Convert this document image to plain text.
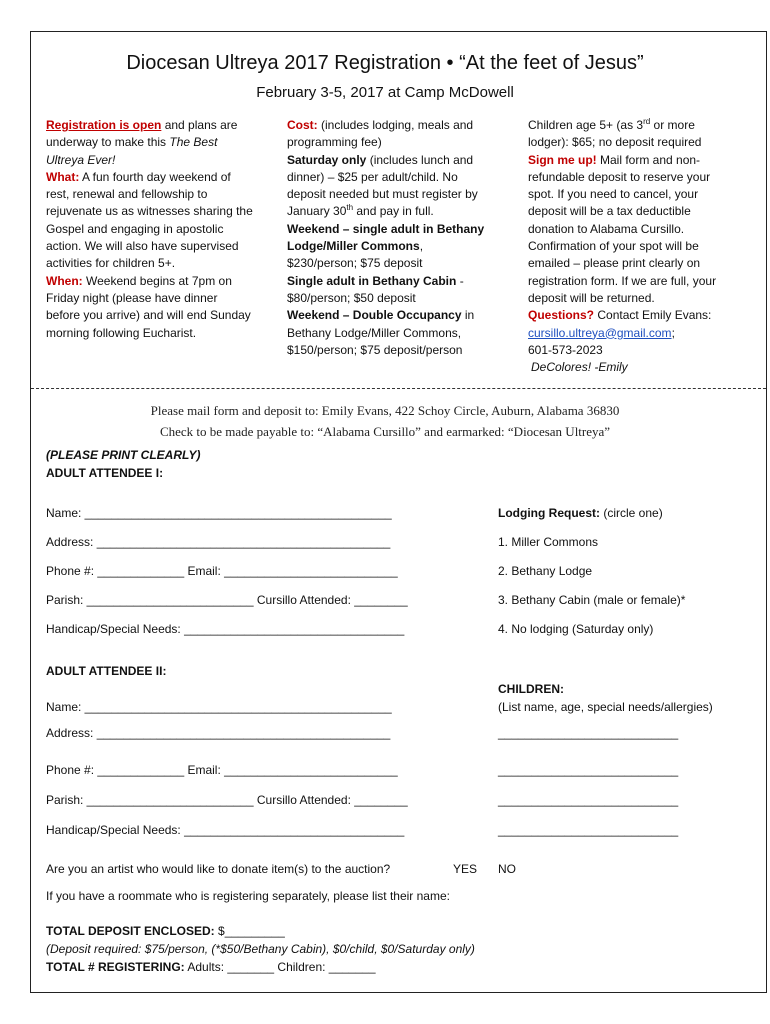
Diocesan Ultreya 2017 Registration • “At the feet of Jesus”
February 3-5, 2017 at Camp McDowell
Registration is open and plans are underway to make this The Best Ultreya Ever!
What: A fun fourth day weekend of rest, renewal and fellowship to rejuvenate us as witnesses sharing the Gospel and engaging in apostolic action. We will also have supervised activities for children 5+.
When: Weekend begins at 7pm on Friday night (please have dinner before you arrive) and will end Sunday morning following Eucharist.
Cost: (includes lodging, meals and programming fee)
Saturday only (includes lunch and dinner) – $25 per adult/child. No deposit needed but must register by January 30th and pay in full.
Weekend – single adult in Bethany Lodge/Miller Commons, $230/person; $75 deposit
Single adult in Bethany Cabin - $80/person; $50 deposit
Weekend – Double Occupancy in Bethany Lodge/Miller Commons, $150/person; $75 deposit/person
Children age 5+ (as 3rd or more lodger): $65; no deposit required
Sign me up! Mail form and non-refundable deposit to reserve your spot. If you need to cancel, your deposit will be a tax deductible donation to Alabama Cursillo. Confirmation of your spot will be emailed – please print clearly on registration form. If we are full, your deposit will be returned.
Questions? Contact Emily Evans:
cursillo.ultreya@gmail.com;
601-573-2023
DeColores! -Emily
Please mail form and deposit to: Emily Evans, 422 Schoy Circle, Auburn, Alabama 36830
Check to be made payable to: “Alabama Cursillo” and earmarked: “Diocesan Ultreya”
(PLEASE PRINT CLEARLY)
ADULT ATTENDEE I:
Name: ______________________________________________
Address: ____________________________________________
Phone #: _____________ Email: __________________________
Parish: _________________________ Cursillo Attended: ________
Handicap/Special Needs: _________________________________
Lodging Request: (circle one)
1. Miller Commons
2. Bethany Lodge
3. Bethany Cabin (male or female)*
4. No lodging (Saturday only)
ADULT ATTENDEE II:
Name: ______________________________________________
Address: ____________________________________________
Phone #: _____________ Email: __________________________
Parish: _________________________ Cursillo Attended: ________
Handicap/Special Needs: _________________________________
CHILDREN:
(List name, age, special needs/allergies)
___________________________
___________________________
___________________________
___________________________
Are you an artist who would like to donate item(s) to the auction?	YES NO
If you have a roommate who is registering separately, please list their name:
TOTAL DEPOSIT ENCLOSED: $_________
(Deposit required: $75/person, (*$50/Bethany Cabin), $0/child, $0/Saturday only)
TOTAL # REGISTERING: Adults: _______ Children: _______
